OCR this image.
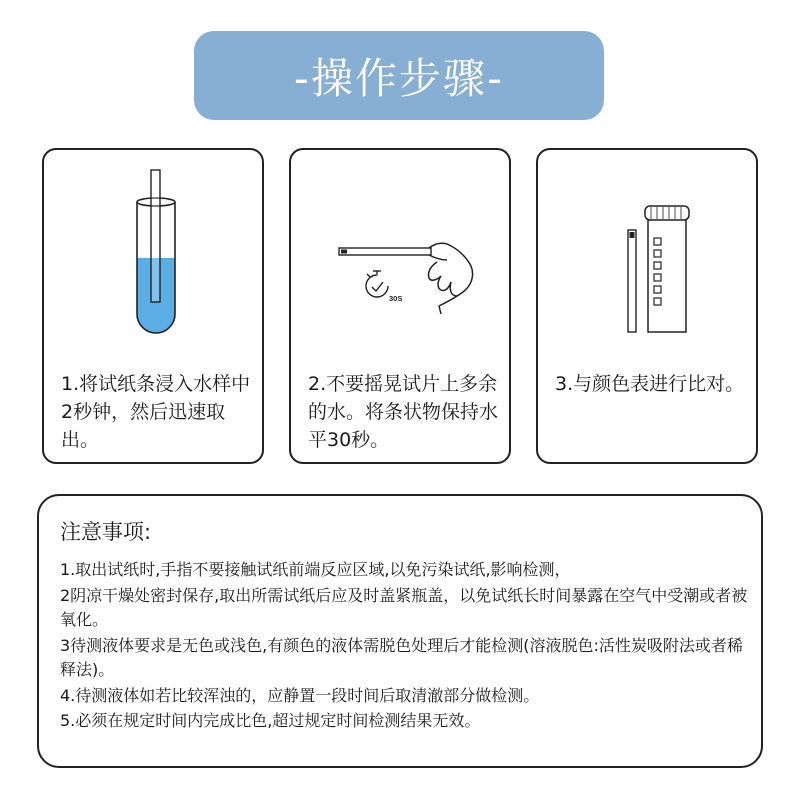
-操作步骤-
1.将试纸条浸入水样中2秒钟，然后迅速取出。
30S
2.不要摇晃试片上多余的水。将条状物保持水平30秒。
3.与颜色表进行比对。
注意事项:
1.取出试纸时,手指不要接触试纸前端反应区域,以免污染试纸,影响检测，
2阴凉干燥处密封保存,取出所需试纸后应及时盖紧瓶盖，以免试纸长时间暴露在空气中受潮或者被氧化。
3待测液体要求是无色或浅色,有颜色的液体需脱色处理后才能检测(溶液脱色:活性炭吸附法或者稀释法)。
4.待测液体如若比较浑浊的，应静置一段时间后取清澈部分做检测。
5.必须在规定时间内完成比色,超过规定时间检测结果无效。
